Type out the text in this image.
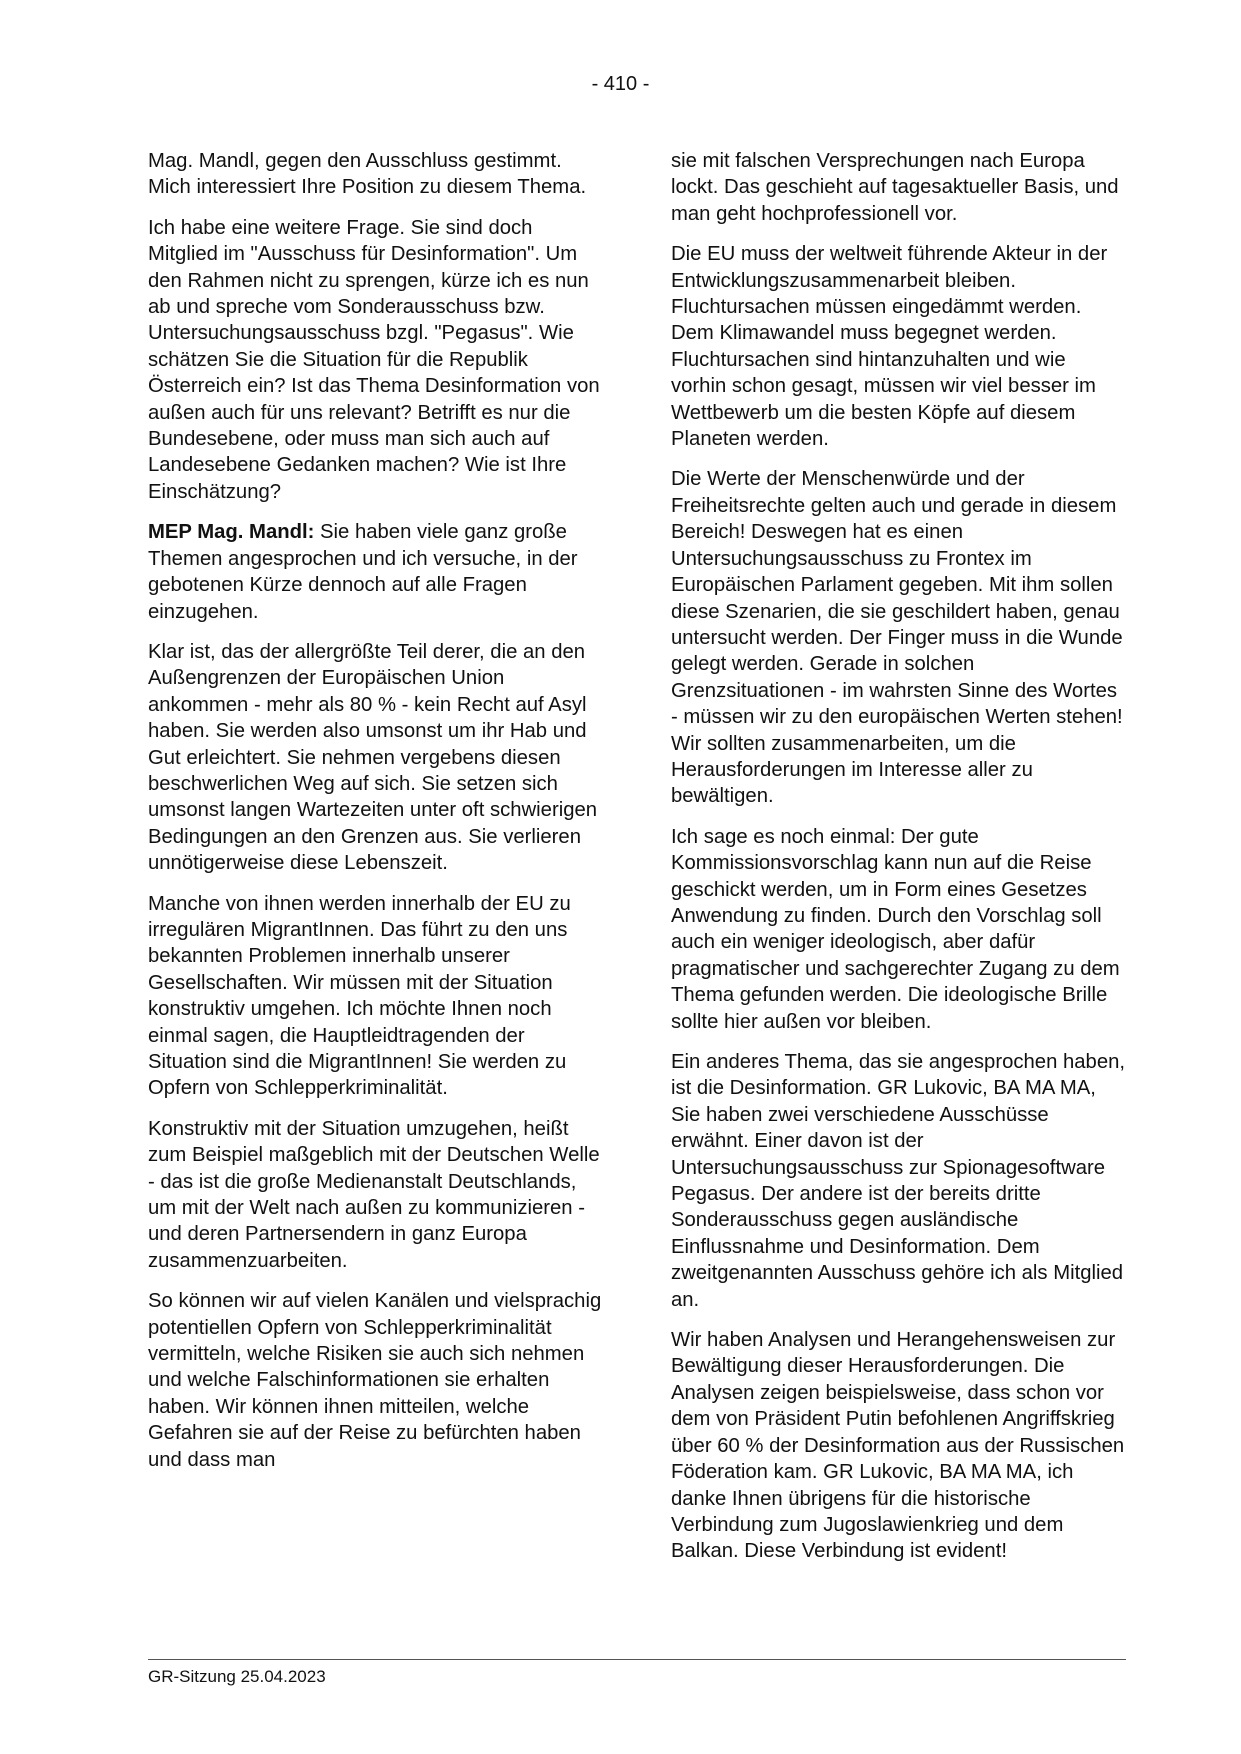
- 410 -

Mag. Mandl, gegen den Ausschluss gestimmt. Mich interessiert Ihre Position zu diesem Thema.

Ich habe eine weitere Frage. Sie sind doch Mitglied im "Ausschuss für Desinformation". Um den Rahmen nicht zu sprengen, kürze ich es nun ab und spreche vom Sonderausschuss bzw. Untersuchungsausschuss bzgl. "Pegasus". Wie schätzen Sie die Situation für die Republik Österreich ein? Ist das Thema Desinformation von außen auch für uns relevant? Betrifft es nur die Bundesebene, oder muss man sich auch auf Landesebene Gedanken machen? Wie ist Ihre Einschätzung?

MEP Mag. Mandl: Sie haben viele ganz große Themen angesprochen und ich versuche, in der gebotenen Kürze dennoch auf alle Fragen einzugehen.

Klar ist, das der allergrößte Teil derer, die an den Außengrenzen der Europäischen Union ankommen - mehr als 80 % - kein Recht auf Asyl haben. Sie werden also umsonst um ihr Hab und Gut erleichtert. Sie nehmen vergebens diesen beschwerlichen Weg auf sich. Sie setzen sich umsonst langen Wartezeiten unter oft schwierigen Bedingungen an den Grenzen aus. Sie verlieren unnötigerweise diese Lebenszeit.

Manche von ihnen werden innerhalb der EU zu irregulären MigrantInnen. Das führt zu den uns bekannten Problemen innerhalb unserer Gesellschaften. Wir müssen mit der Situation konstruktiv umgehen. Ich möchte Ihnen noch einmal sagen, die Hauptleidtragenden der Situation sind die MigrantInnen! Sie werden zu Opfern von Schlepperkriminalität.

Konstruktiv mit der Situation umzugehen, heißt zum Beispiel maßgeblich mit der Deutschen Welle - das ist die große Medienanstalt Deutschlands, um mit der Welt nach außen zu kommunizieren - und deren Partnersendern in ganz Europa zusammenzuarbeiten.

So können wir auf vielen Kanälen und vielsprachig potentiellen Opfern von Schlepperkriminalität vermitteln, welche Risiken sie auch sich nehmen und welche Falschinformationen sie erhalten haben. Wir können ihnen mitteilen, welche Gefahren sie auf der Reise zu befürchten haben und dass man

sie mit falschen Versprechungen nach Europa lockt. Das geschieht auf tagesaktueller Basis, und man geht hochprofessionell vor.

Die EU muss der weltweit führende Akteur in der Entwicklungszusammenarbeit bleiben. Fluchtursachen müssen eingedämmt werden. Dem Klimawandel muss begegnet werden. Fluchtursachen sind hintanzuhalten und wie vorhin schon gesagt, müssen wir viel besser im Wettbewerb um die besten Köpfe auf diesem Planeten werden.

Die Werte der Menschenwürde und der Freiheitsrechte gelten auch und gerade in diesem Bereich! Deswegen hat es einen Untersuchungsausschuss zu Frontex im Europäischen Parlament gegeben. Mit ihm sollen diese Szenarien, die sie geschildert haben, genau untersucht werden. Der Finger muss in die Wunde gelegt werden. Gerade in solchen Grenzsituationen - im wahrsten Sinne des Wortes - müssen wir zu den europäischen Werten stehen! Wir sollten zusammenarbeiten, um die Herausforderungen im Interesse aller zu bewältigen.

Ich sage es noch einmal: Der gute Kommissionsvorschlag kann nun auf die Reise geschickt werden, um in Form eines Gesetzes Anwendung zu finden. Durch den Vorschlag soll auch ein weniger ideologisch, aber dafür pragmatischer und sachgerechter Zugang zu dem Thema gefunden werden. Die ideologische Brille sollte hier außen vor bleiben.

Ein anderes Thema, das sie angesprochen haben, ist die Desinformation. GR Lukovic, BA MA MA, Sie haben zwei verschiedene Ausschüsse erwähnt. Einer davon ist der Untersuchungsausschuss zur Spionagesoftware Pegasus. Der andere ist der bereits dritte Sonderausschuss gegen ausländische Einflussnahme und Desinformation. Dem zweitgenannten Ausschuss gehöre ich als Mitglied an.

Wir haben Analysen und Herangehensweisen zur Bewältigung dieser Herausforderungen. Die Analysen zeigen beispielsweise, dass schon vor dem von Präsident Putin befohlenen Angriffskrieg über 60 % der Desinformation aus der Russischen Föderation kam. GR Lukovic, BA MA MA, ich danke Ihnen übrigens für die historische Verbindung zum Jugoslawienkrieg und dem Balkan. Diese Verbindung ist evident!

GR-Sitzung 25.04.2023
